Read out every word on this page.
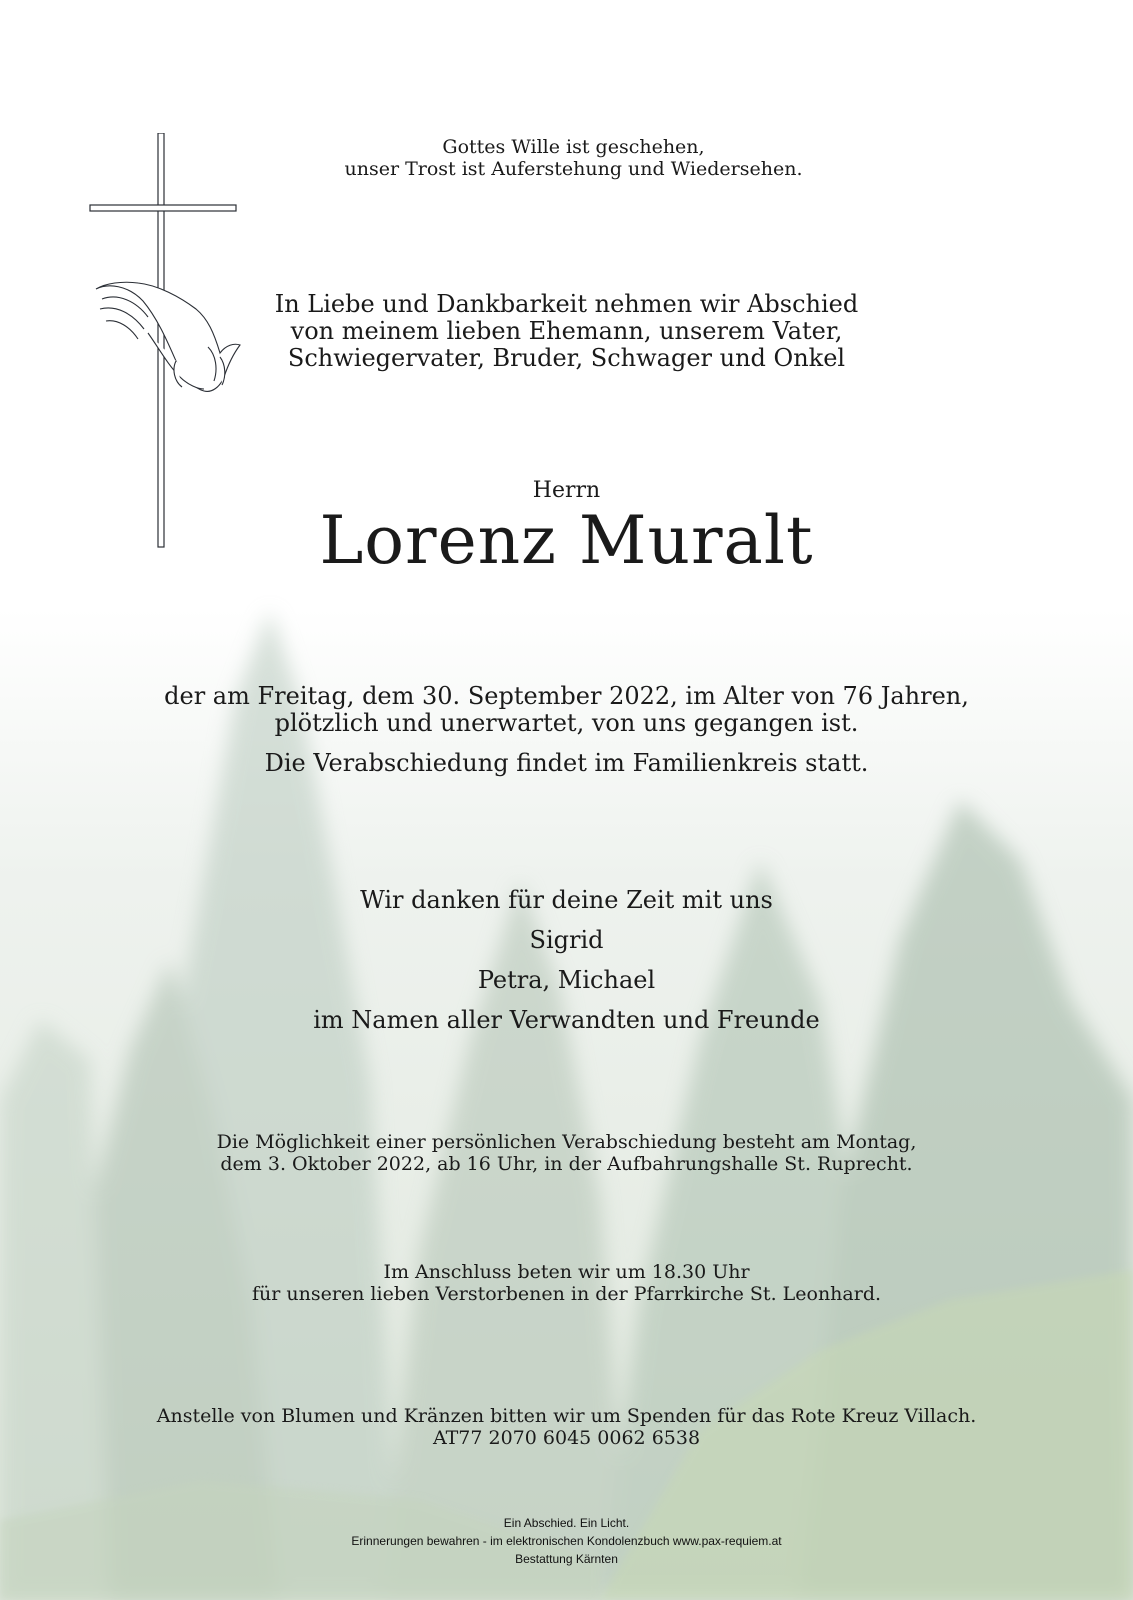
Gottes Wille ist geschehen,
unser Trost ist Auferstehung und Wiedersehen.
In Liebe und Dankbarkeit nehmen wir Abschied
von meinem lieben Ehemann, unserem Vater,
Schwiegervater, Bruder, Schwager und Onkel
Herrn
Lorenz Muralt
der am Freitag, dem 30. September 2022, im Alter von 76 Jahren,
plötzlich und unerwartet, von uns gegangen ist.
Die Verabschiedung findet im Familienkreis statt.
Wir danken für deine Zeit mit uns
Sigrid
Petra, Michael
im Namen aller Verwandten und Freunde
Die Möglichkeit einer persönlichen Verabschiedung besteht am Montag,
dem 3. Oktober 2022, ab 16 Uhr, in der Aufbahrungshalle St. Ruprecht.
Im Anschluss beten wir um 18.30 Uhr
für unseren lieben Verstorbenen in der Pfarrkirche St. Leonhard.
Anstelle von Blumen und Kränzen bitten wir um Spenden für das Rote Kreuz Villach.
AT77 2070 6045 0062 6538
Ein Abschied. Ein Licht.
Erinnerungen bewahren - im elektronischen Kondolenzbuch www.pax-requiem.at
Bestattung Kärnten
